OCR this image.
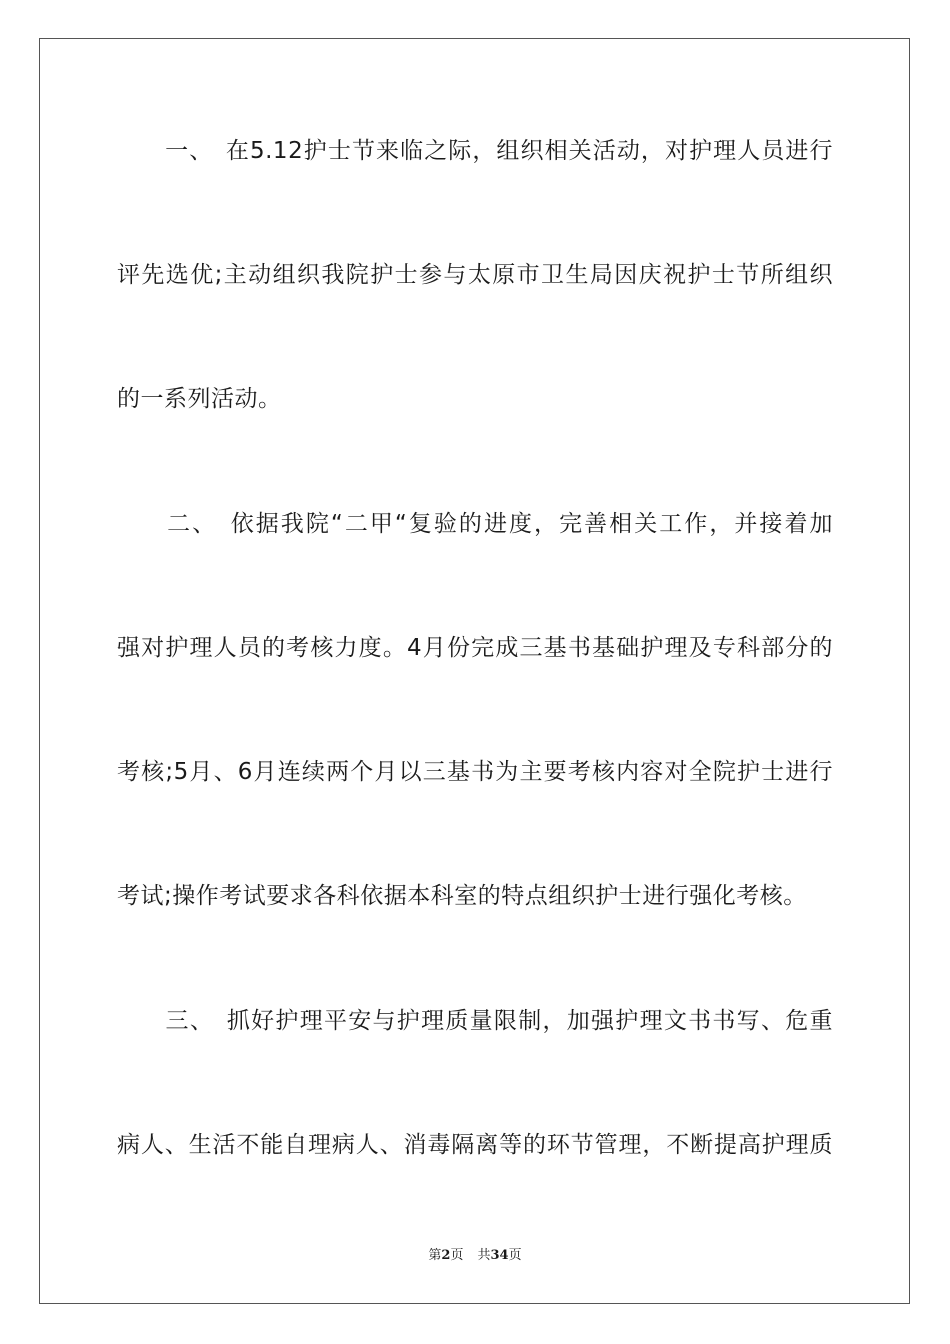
　　一、　在5.12护士节来临之际，组织相关活动，对护理人员进行
评先选优;主动组织我院护士参与太原市卫生局因庆祝护士节所组织
的一系列活动。
　　二、　依据我院“二甲“复验的进度，完善相关工作，并接着加
强对护理人员的考核力度。4月份完成三基书基础护理及专科部分的
考核;5月、6月连续两个月以三基书为主要考核内容对全院护士进行
考试;操作考试要求各科依据本科室的特点组织护士进行强化考核。
　　三、　抓好护理平安与护理质量限制，加强护理文书书写、危重
病人、生活不能自理病人、消毒隔离等的环节管理，不断提高护理质
第2页 共34页
